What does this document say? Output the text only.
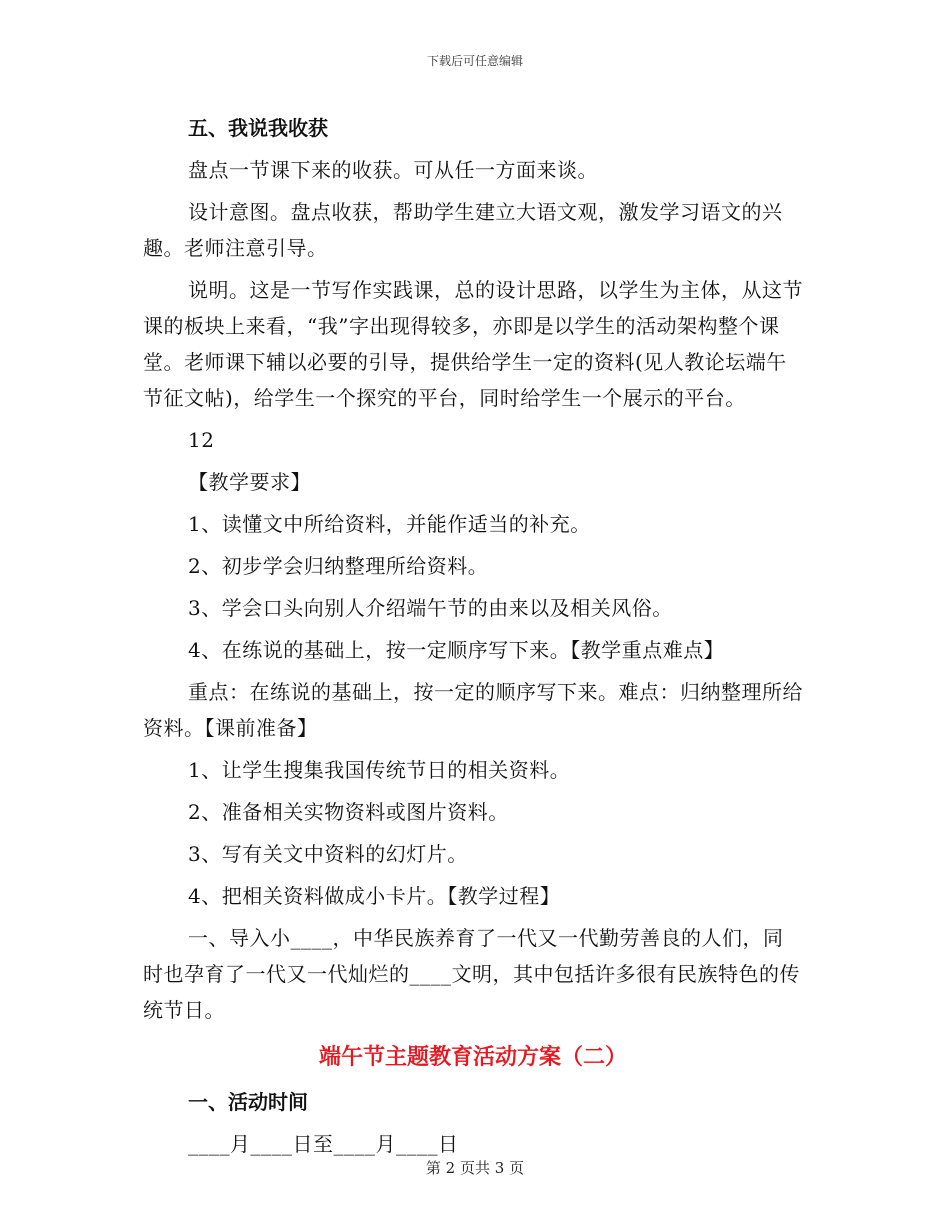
下载后可任意编辑
五、我说我收获
盘点一节课下来的收获。可从任一方面来谈。
设计意图。盘点收获，帮助学生建立大语文观，激发学习语文的兴趣。老师注意引导。
说明。这是一节写作实践课，总的设计思路，以学生为主体，从这节课的板块上来看，“我”字出现得较多，亦即是以学生的活动架构整个课堂。老师课下辅以必要的引导，提供给学生一定的资料(见人教论坛端午节征文帖)，给学生一个探究的平台，同时给学生一个展示的平台。
12
【教学要求】
1、读懂文中所给资料，并能作适当的补充。
2、初步学会归纳整理所给资料。
3、学会口头向别人介绍端午节的由来以及相关风俗。
4、在练说的基础上，按一定顺序写下来。【教学重点难点】
重点：在练说的基础上，按一定的顺序写下来。难点：归纳整理所给资料。【课前准备】
1、让学生搜集我国传统节日的相关资料。
2、准备相关实物资料或图片资料。
3、写有关文中资料的幻灯片。
4、把相关资料做成小卡片。【教学过程】
一、导入小____，中华民族养育了一代又一代勤劳善良的人们，同时也孕育了一代又一代灿烂的____文明，其中包括许多很有民族特色的传统节日。
端午节主题教育活动方案（二）
一、活动时间
____月____日至____月____日
第 2 页共 3 页
